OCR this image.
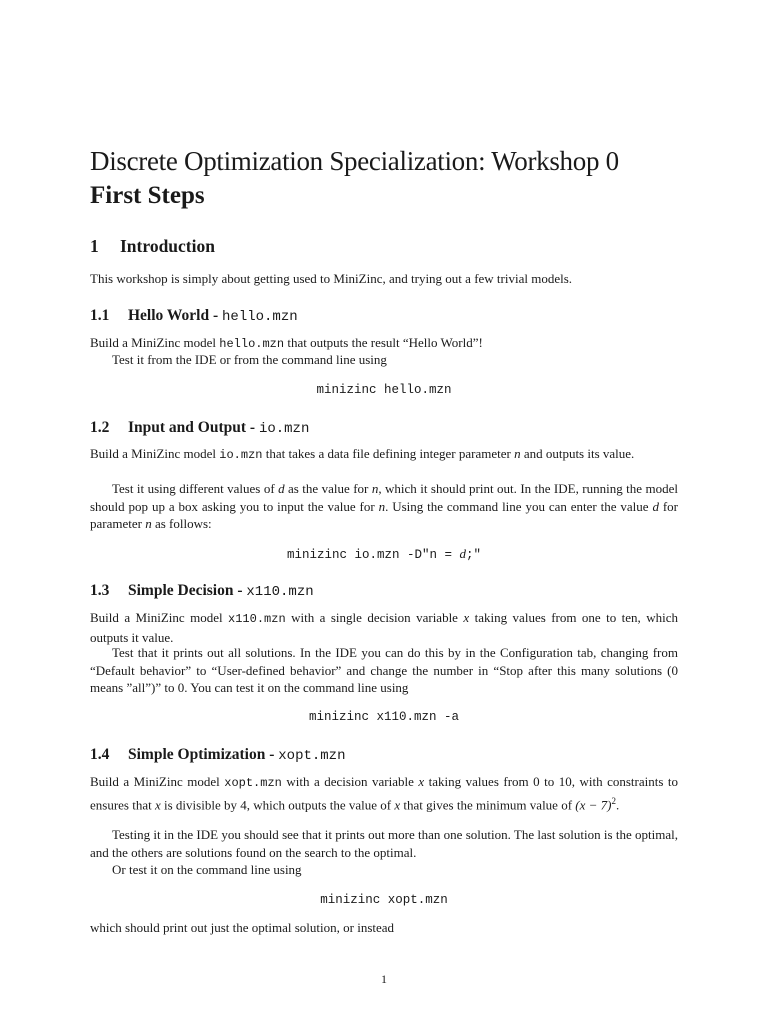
Discrete Optimization Specialization: Workshop 0
First Steps
1 Introduction
This workshop is simply about getting used to MiniZinc, and trying out a few trivial models.
1.1 Hello World - hello.mzn
Build a MiniZinc model hello.mzn that outputs the result “Hello World”!
Test it from the IDE or from the command line using
minizinc hello.mzn
1.2 Input and Output - io.mzn
Build a MiniZinc model io.mzn that takes a data file defining integer parameter n and outputs its value.
Test it using different values of d as the value for n, which it should print out. In the IDE, running the model should pop up a box asking you to input the value for n. Using the command line you can enter the value d for parameter n as follows:
minizinc io.mzn -D"n = d;"
1.3 Simple Decision - x110.mzn
Build a MiniZinc model x110.mzn with a single decision variable x taking values from one to ten, which outputs it value.
Test that it prints out all solutions. In the IDE you can do this by in the Configuration tab, changing from “Default behavior” to “User-defined behavior” and change the number in “Stop after this many solutions (0 means ”all”)” to 0. You can test it on the command line using
minizinc x110.mzn -a
1.4 Simple Optimization - xopt.mzn
Build a MiniZinc model xopt.mzn with a decision variable x taking values from 0 to 10, with constraints to ensures that x is divisible by 4, which outputs the value of x that gives the minimum value of $(x - 7)^2$.
Testing it in the IDE you should see that it prints out more than one solution. The last solution is the optimal, and the others are solutions found on the search to the optimal.
Or test it on the command line using
minizinc xopt.mzn
which should print out just the optimal solution, or instead
1
